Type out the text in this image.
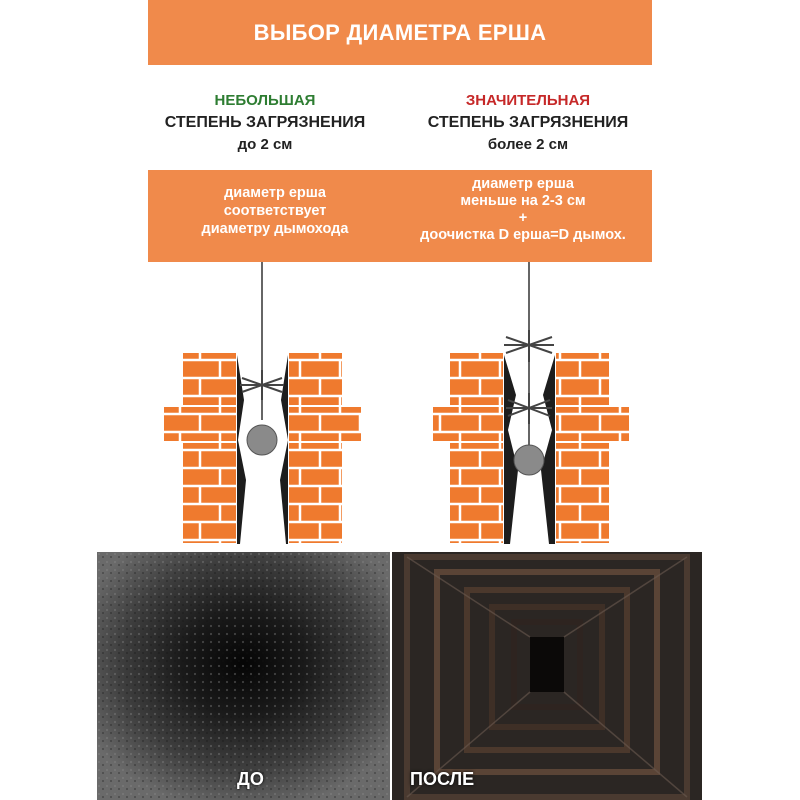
ВЫБОР ДИАМЕТРА ЕРША
НЕБОЛЬШАЯ
СТЕПЕНЬ ЗАГРЯЗНЕНИЯ
до 2 см
ЗНАЧИТЕЛЬНАЯ
СТЕПЕНЬ ЗАГРЯЗНЕНИЯ
более 2 см
диаметр ерша
соответствует
диаметру дымохода
диаметр ерша
меньше на 2-3 см
+
доочистка D ерша=D дымох.
ДО	ПОСЛЕ
